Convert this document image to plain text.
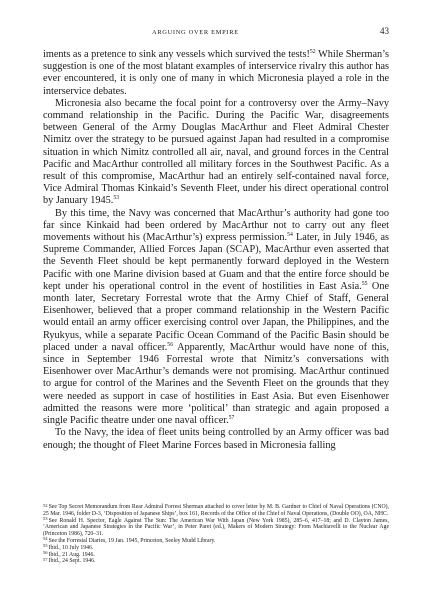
ARGUING OVER EMPIRE	43

iments as a pretence to sink any vessels which survived the tests!$^{52}$ While Sherman’s suggestion is one of the most blatant examples of interservice rivalry this author has ever encountered, it is only one of many in which Micronesia played a role in the interservice debates.

Micronesia also became the focal point for a controversy over the Army–Navy command relationship in the Pacific. During the Pacific War, disagreements between General of the Army Douglas MacArthur and Fleet Admiral Chester Nimitz over the strategy to be pursued against Japan had resulted in a compromise situation in which Nimitz controlled all air, naval, and ground forces in the Central Pacific and MacArthur controlled all military forces in the Southwest Pacific. As a result of this compromise, MacArthur had an entirely self-contained naval force, Vice Admiral Thomas Kinkaid’s Seventh Fleet, under his direct operational control by January 1945.53

By this time, the Navy was concerned that MacArthur’s authority had gone too far since Kinkaid had been ordered by MacArthur not to carry out any fleet movements without his (MacArthur’s) express permission.$^{54}$ Later, in July 1946, as Supreme Commander, Allied Forces Japan (SCAP), MacArthur even asserted that the Seventh Fleet should be kept permanently forward deployed in the Western Pacific with one Marine division based at Guam and that the entire force should be kept under his operational control in the event of hostilities in East Asia.$^{55}$ One month later, Secretary Forrestal wrote that the Army Chief of Staff, General Eisenhower, believed that a proper command relationship in the Western Pacific would entail an army officer exercising control over Japan, the Philippines, and the Ryukyus, while a separate Pacific Ocean Command of the Pacific Basin should be placed under a naval officer.$^{56}$ Apparently, MacArthur would have none of this, since in September 1946 Forrestal wrote that Nimitz’s conversations with Eisenhower over MacArthur’s demands were not promising. MacArthur continued to argue for control of the Marines and the Seventh Fleet on the grounds that they were needed as support in case of hostilities in East Asia. But even Eisenhower admitted the reasons were more ‘political’ than strategic and again proposed a single Pacific theatre under one naval officer.$^{57}$

To the Navy, the idea of fleet units being controlled by an Army officer was bad enough; the thought of Fleet Marine Forces based in Micronesia falling

$^{52}$See Top Secret Memorandum from Rear Admiral Forrest Sherman attached to cover letter by M. B. Gardner to Chief of Naval Operations (CNO), 25 Mar. 1946, folder D-3, ‘Disposition of Japanese Ships’, box 161, Records of the Office of the Chief of Naval Operations, (Double OO), OA, NHC.

$^{53}$See Ronald H. Spector, Eagle Against The Sun: The American War With Japan (New York 1985), 285–6, 417–18; and D. Clayton James, ‘American and Japanese Strategies in the Pacific War’, in Peter Paret (ed.), Makers of Modern Strategy: From Machiavelli to the Nuclear Age (Princeton 1986), 720–31.

$^{54}$See the Forrestal Diaries, 19 Jan. 1945, Princeton, Seeley Mudd Library.

$^{55}$Ibid., 10 July 1946.

$^{56}$Ibid., 21 Aug. 1946.

$^{57}$Ibid., 24 Sept. 1946.
